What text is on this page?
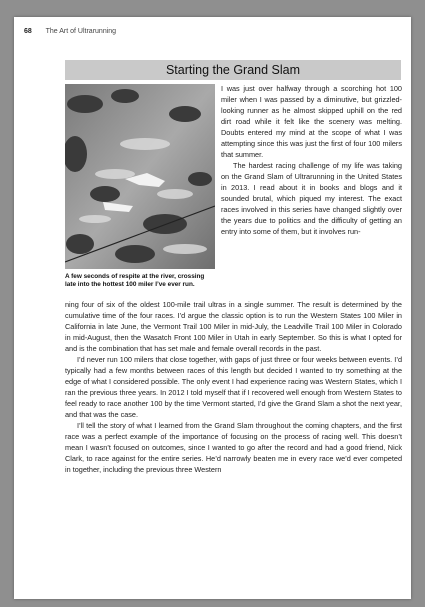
68 The Art of Ultrarunning
Starting the Grand Slam
A few seconds of respite at the river, crossing late into the hottest 100 miler I’ve ever run.

I was just over halfway through a scorching hot 100 miler when I was passed by a diminutive, but grizzled-looking runner as he almost skipped uphill on the red dirt road while it felt like the scenery was melting. Doubts entered my mind at the scope of what I was attempting since this was just the first of four 100 milers that summer.

The hardest racing challenge of my life was taking on the Grand Slam of Ultrarunning in the United States in 2013. I read about it in books and blogs and it sounded brutal, which piqued my interest. The exact races involved in this series have changed slightly over the years due to politics and the difficulty of getting an entry into some of them, but it involves run-

ning four of six of the oldest 100-mile trail ultras in a single summer. The result is determined by the cumulative time of the four races. I’d argue the classic option is to run the Western States 100 Miler in California in late June, the Vermont Trail 100 Miler in mid-July, the Leadville Trail 100 Miler in Colorado in mid-August, then the Wasatch Front 100 Miler in Utah in early September. So this is what I opted for and is the combination that has set male and female overall records in the past.

I’d never run 100 milers that close together, with gaps of just three or four weeks between events. I’d typically had a few months between races of this length but decided I wanted to try something at the edge of what I considered possible. The only event I had experience racing was Western States, which I ran the previous three years. In 2012 I told myself that if I recovered well enough from Western States to feel ready to race another 100 by the time Vermont started, I’d give the Grand Slam a shot the next year, and that was the case.

I’ll tell the story of what I learned from the Grand Slam throughout the coming chapters, and the first race was a perfect example of the importance of focusing on the process of racing well. This doesn’t mean I wasn’t focused on outcomes, since I wanted to go after the record and had a good friend, Nick Clark, to race against for the entire series. He’d narrowly beaten me in every race we’d ever competed in together, including the previous three Western
